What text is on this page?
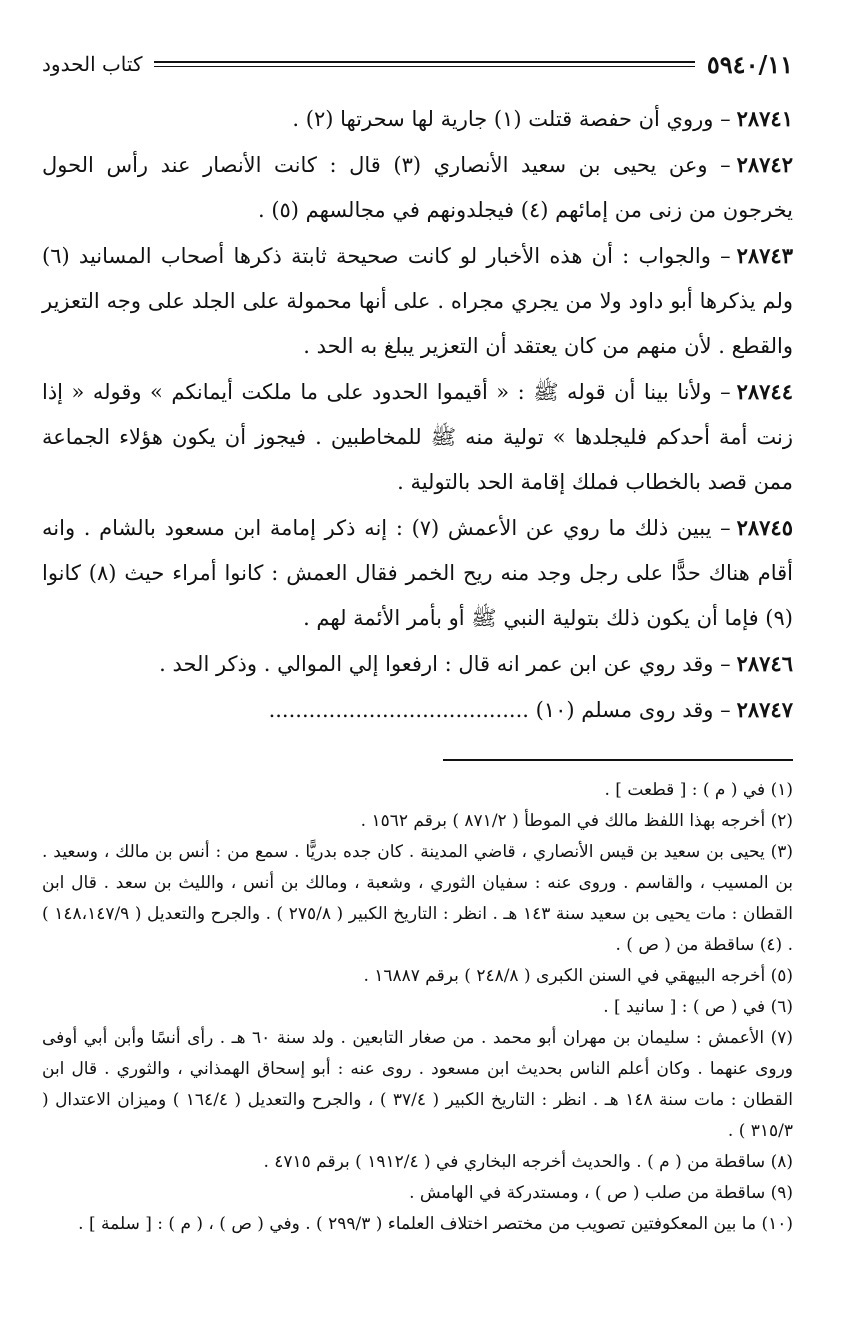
٥٩٤٠/١١
كتاب الحدود

٢٨٧٤١– وروي أن حفصة قتلت (١) جارية لها سحرتها (٢) .

٢٨٧٤٢– وعن يحيى بن سعيد الأنصاري (٣) قال : كانت الأنصار عند رأس الحول يخرجون من زنى من إمائهم (٤) فيجلدونهم في مجالسهم (٥) .

٢٨٧٤٣– والجواب : أن هذه الأخبار لو كانت صحيحة ثابتة ذكرها أصحاب المسانيد (٦) ولم يذكرها أبو داود ولا من يجري مجراه . على أنها محمولة على الجلد على وجه التعزير والقطع . لأن منهم من كان يعتقد أن التعزير يبلغ به الحد .

٢٨٧٤٤– ولأنا بينا أن قوله ﷺ : « أقيموا الحدود على ما ملكت أيمانكم » وقوله « إذا زنت أمة أحدكم فليجلدها » تولية منه ﷺ للمخاطبين . فيجوز أن يكون هؤلاء الجماعة ممن قصد بالخطاب فملك إقامة الحد بالتولية .

٢٨٧٤٥– يبين ذلك ما روي عن الأعمش (٧) : إنه ذكر إمامة ابن مسعود بالشام . وانه أقام هناك حدًّا على رجل وجد منه ريح الخمر فقال العمش : كانوا أمراء حيث (٨) كانوا (٩) فإما أن يكون ذلك بتولية النبي ﷺ أو بأمر الأئمة لهم .

٢٨٧٤٦– وقد روي عن ابن عمر انه قال : ارفعوا إلي الموالي . وذكر الحد .

٢٨٧٤٧– وقد روى مسلم (١٠) .......................................

(١) في ( م ) : [ قطعت ] .

(٢) أخرجه بهذا اللفظ مالك في الموطأ ( ٨٧١/٢ ) برقم ١٥٦٢ .

(٣) يحيى بن سعيد بن قيس الأنصاري ، قاضي المدينة . كان جده بدريًّا . سمع من : أنس بن مالك ، وسعيد . بن المسيب ، والقاسم . وروى عنه : سفيان الثوري ، وشعبة ، ومالك بن أنس ، والليث بن سعد . قال ابن القطان : مات يحيى بن سعيد سنة ١٤٣ هـ . انظر : التاريخ الكبير ( ٢٧٥/٨ ) . والجرح والتعديل ( ١٤٨،١٤٧/٩ ) . (٤) ساقطة من ( ص ) .

(٥) أخرجه البيهقي في السنن الكبرى ( ٢٤٨/٨ ) برقم ١٦٨٨٧ .

(٦) في ( ص ) : [ سانيد ] .

(٧) الأعمش : سليمان بن مهران أبو محمد . من صغار التابعين . ولد سنة ٦٠ هـ . رأى أنسًا وأبن أبي أوفى وروى عنهما . وكان أعلم الناس بحديث ابن مسعود . روى عنه : أبو إسحاق الهمذاني ، والثوري . قال ابن القطان : مات سنة ١٤٨ هـ . انظر : التاريخ الكبير ( ٣٧/٤ ) ، والجرح والتعديل ( ١٦٤/٤ ) وميزان الاعتدال ( ٣١٥/٣ ) .

(٨) ساقطة من ( م ) . والحديث أخرجه البخاري في ( ١٩١٢/٤ ) برقم ٤٧١٥ .

(٩) ساقطة من صلب ( ص ) ، ومستدركة في الهامش .

(١٠) ما بين المعكوفتين تصويب من مختصر اختلاف العلماء ( ٢٩٩/٣ ) . وفي ( ص ) ، ( م ) : [ سلمة ] .
